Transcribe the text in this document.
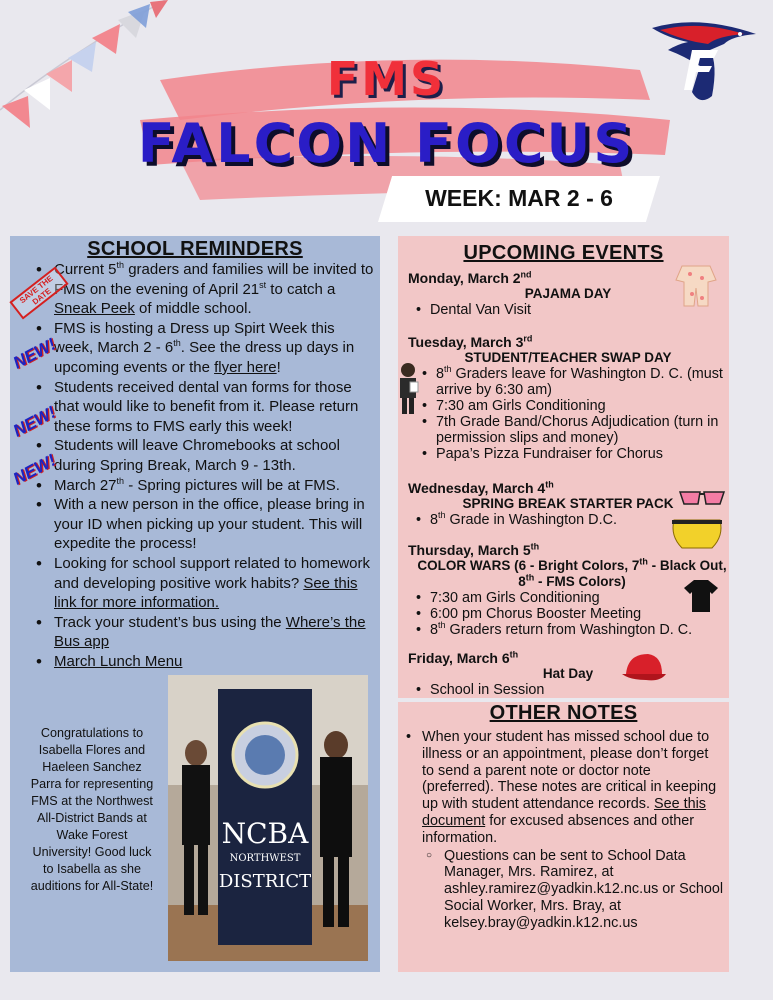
FMS
FALCON FOCUS
WEEK: MAR 2 - 6
SCHOOL REMINDERS
• Current 5th graders and families will be invited to FMS on the evening of April 21st to catch a Sneak Peek of middle school.
• FMS is hosting a Dress up Spirt Week this week, March 2 - 6th. See the dress up days in upcoming events or the flyer here!
• Students received dental van forms for those that would like to benefit from it. Please return these forms to FMS early this week!
• Students will leave Chromebooks at school during Spring Break, March 9 - 13th.
• March 27th - Spring pictures will be at FMS.
• With a new person in the office, please bring in your ID when picking up your student. This will expedite the process!
• Looking for school support related to homework and developing positive work habits? See this link for more information.
• Track your student’s bus using the Where’s the Bus app
• March Lunch Menu
Congratulations to Isabella Flores and Haeleen Sanchez Parra for representing FMS at the Northwest All-District Bands at Wake Forest University! Good luck to Isabella as she auditions for All-State!
NCBA
NORTHWEST
DISTRICT
SAVE THE DATE
NEW!
NEW!
NEW!
UPCOMING EVENTS
Monday, March 2nd
PAJAMA DAY
• Dental Van Visit
Tuesday, March 3rd
STUDENT/TEACHER SWAP DAY
• 8th Graders leave for Washington D. C. (must arrive by 6:30 am)
• 7:30 am Girls Conditioning
• 7th Grade Band/Chorus Adjudication (turn in permission slips and money)
• Papa’s Pizza Fundraiser for Chorus
Wednesday, March 4th
SPRING BREAK STARTER PACK
• 8th Grade in Washington D.C.
Thursday, March 5th
COLOR WARS (6 - Bright Colors, 7th - Black Out, 8th - FMS Colors)
• 7:30 am Girls Conditioning
• 6:00 pm Chorus Booster Meeting
• 8th Graders return from Washington D. C.
Friday, March 6th
Hat Day
• School in Session
OTHER NOTES
• When your student has missed school due to illness or an appointment, please don’t forget to send a parent note or doctor note (preferred). These notes are critical in keeping up with student attendance records. See this document for excused absences and other information.
○ Questions can be sent to School Data Manager, Mrs. Ramirez, at ashley.ramirez@yadkin.k12.nc.us or School Social Worker, Mrs. Bray, at kelsey.bray@yadkin.k12.nc.us
